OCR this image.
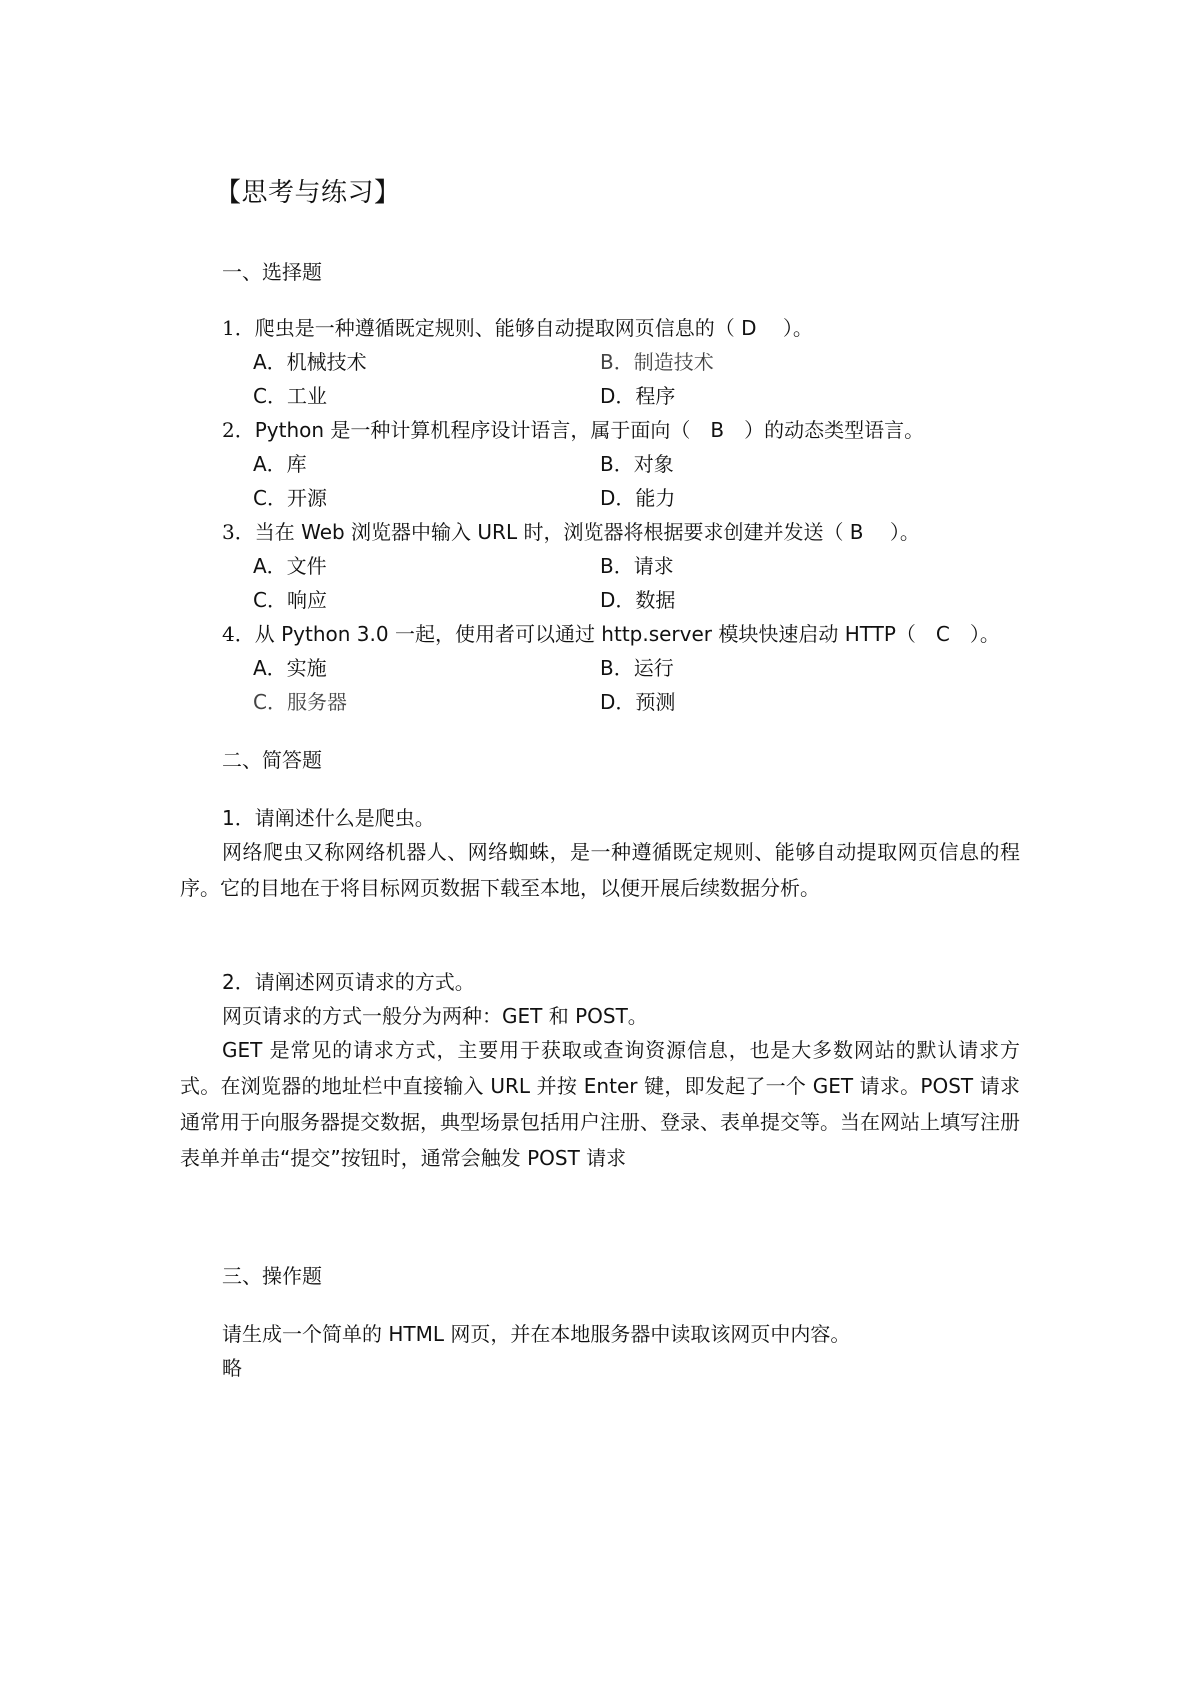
【思考与练习】
一、选择题
1．爬虫是一种遵循既定规则、能够自动提取网页信息的（ D　 ）。
A．机械技术	B．制造技术
C．工业	D．程序
2．Python 是一种计算机程序设计语言，属于面向（　B　）的动态类型语言。
A．库	B．对象
C．开源	D．能力
3．当在 Web 浏览器中输入 URL 时，浏览器将根据要求创建并发送（ B　 ）。
A．文件	B．请求
C．响应	D．数据
4．从 Python 3.0 一起，使用者可以通过 http.server 模块快速启动 HTTP（　C　）。
A．实施	B．运行
C．服务器	D．预测
二、简答题
1．请阐述什么是爬虫。
网络爬虫又称网络机器人、网络蜘蛛，是一种遵循既定规则、能够自动提取网页信息的程序。它的目地在于将目标网页数据下载至本地，以便开展后续数据分析。
2．请阐述网页请求的方式。
网页请求的方式一般分为两种：GET 和 POST。
GET 是常见的请求方式，主要用于获取或查询资源信息，也是大多数网站的默认请求方式。在浏览器的地址栏中直接输入 URL 并按 Enter 键，即发起了一个 GET 请求。POST 请求通常用于向服务器提交数据，典型场景包括用户注册、登录、表单提交等。当在网站上填写注册表单并单击“提交”按钮时，通常会触发 POST 请求
三、操作题
请生成一个简单的 HTML 网页，并在本地服务器中读取该网页中内容。
略
